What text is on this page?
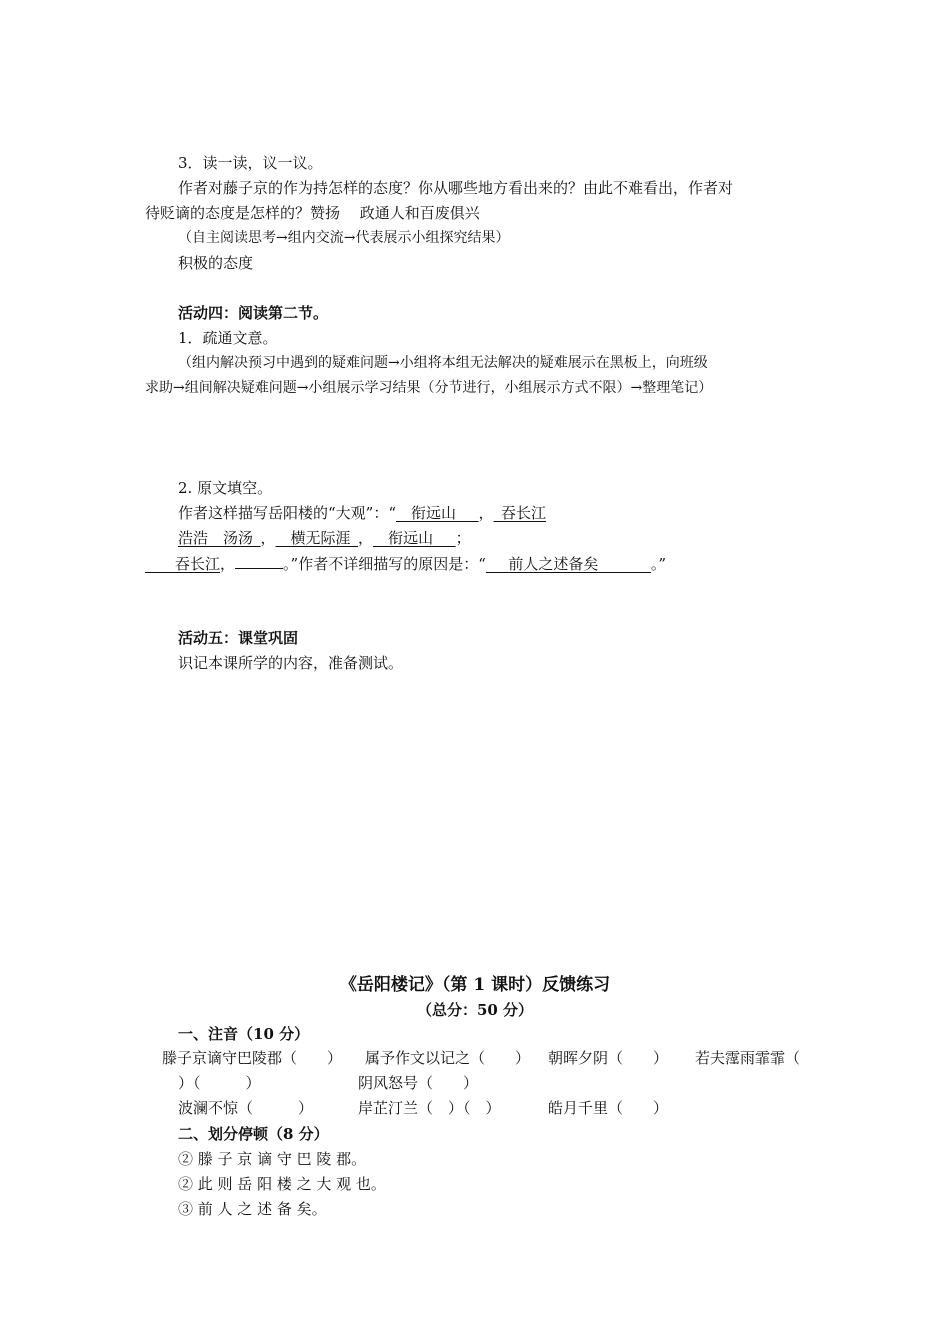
3．读一读，议一议。
作者对藤子京的作为持怎样的态度？你从哪些地方看出来的？由此不难看出，作者对
待贬谪的态度是怎样的？赞扬　 政通人和百废俱兴
（自主阅读思考→组内交流→代表展示小组探究结果）
积极的态度
活动四：阅读第二节。
1．疏通文意。
（组内解决预习中遇到的疑难问题→小组将本组无法解决的疑难展示在黑板上，向班级
求助→组间解决疑难问题→小组展示学习结果（分节进行，小组展示方式不限）→整理笔记）
2. 原文填空。
作者这样描写岳阳楼的“大观”：“  衔远山   ，  吞长江
浩浩　汤汤  ，   横无际涯  ，   衔远山   ；
  吞长江，	。”作者不详细描写的原因是：“   前人之述备矣    	。”
活动五：课堂巩固
识记本课所学的内容，准备测试。
《岳阳楼记》（第 1 课时）反馈练习
（总分：50 分）
一、注音（10 分）
滕子京谪守巴陵郡（　　） 属予作文以记之（　　） 朝晖夕阴（　　） 若夫霪雨霏霏（
）（　　　）	阴风怒号（　　）
波澜不惊（　　　）	岸芷汀兰（　）（　）	皓月千里（　　）
二、划分停顿（8 分）
② 滕 子 京 谪 守 巴 陵 郡。
② 此 则 岳 阳 楼 之 大 观 也。
③ 前 人 之 述 备 矣。
